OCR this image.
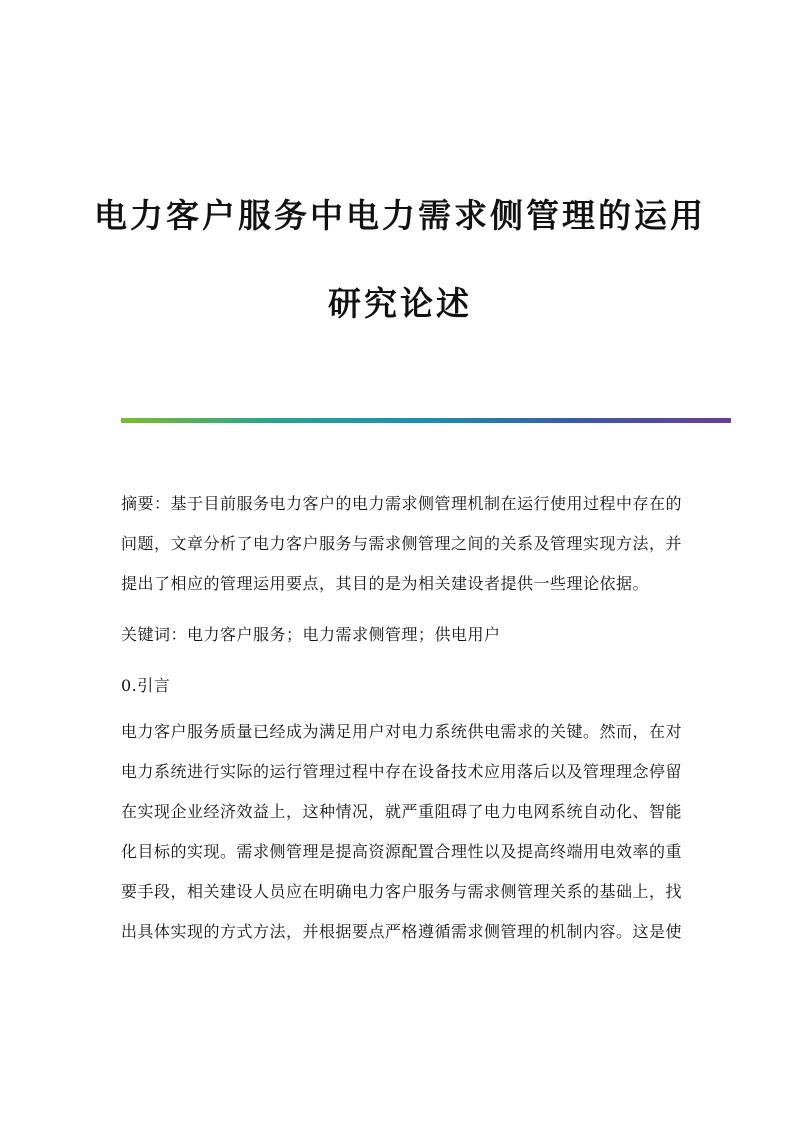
电力客户服务中电力需求侧管理的运用
研究论述
摘要：基于目前服务电力客户的电力需求侧管理机制在运行使用过程中存在的
问题，文章分析了电力客户服务与需求侧管理之间的关系及管理实现方法，并
提出了相应的管理运用要点，其目的是为相关建设者提供一些理论依据。
关键词：电力客户服务；电力需求侧管理；供电用户
0.引言
电力客户服务质量已经成为满足用户对电力系统供电需求的关键。然而，在对
电力系统进行实际的运行管理过程中存在设备技术应用落后以及管理理念停留
在实现企业经济效益上，这种情况，就严重阻碍了电力电网系统自动化、智能
化目标的实现。需求侧管理是提高资源配置合理性以及提高终端用电效率的重
要手段，相关建设人员应在明确电力客户服务与需求侧管理关系的基础上，找
出具体实现的方式方法，并根据要点严格遵循需求侧管理的机制内容。这是使
